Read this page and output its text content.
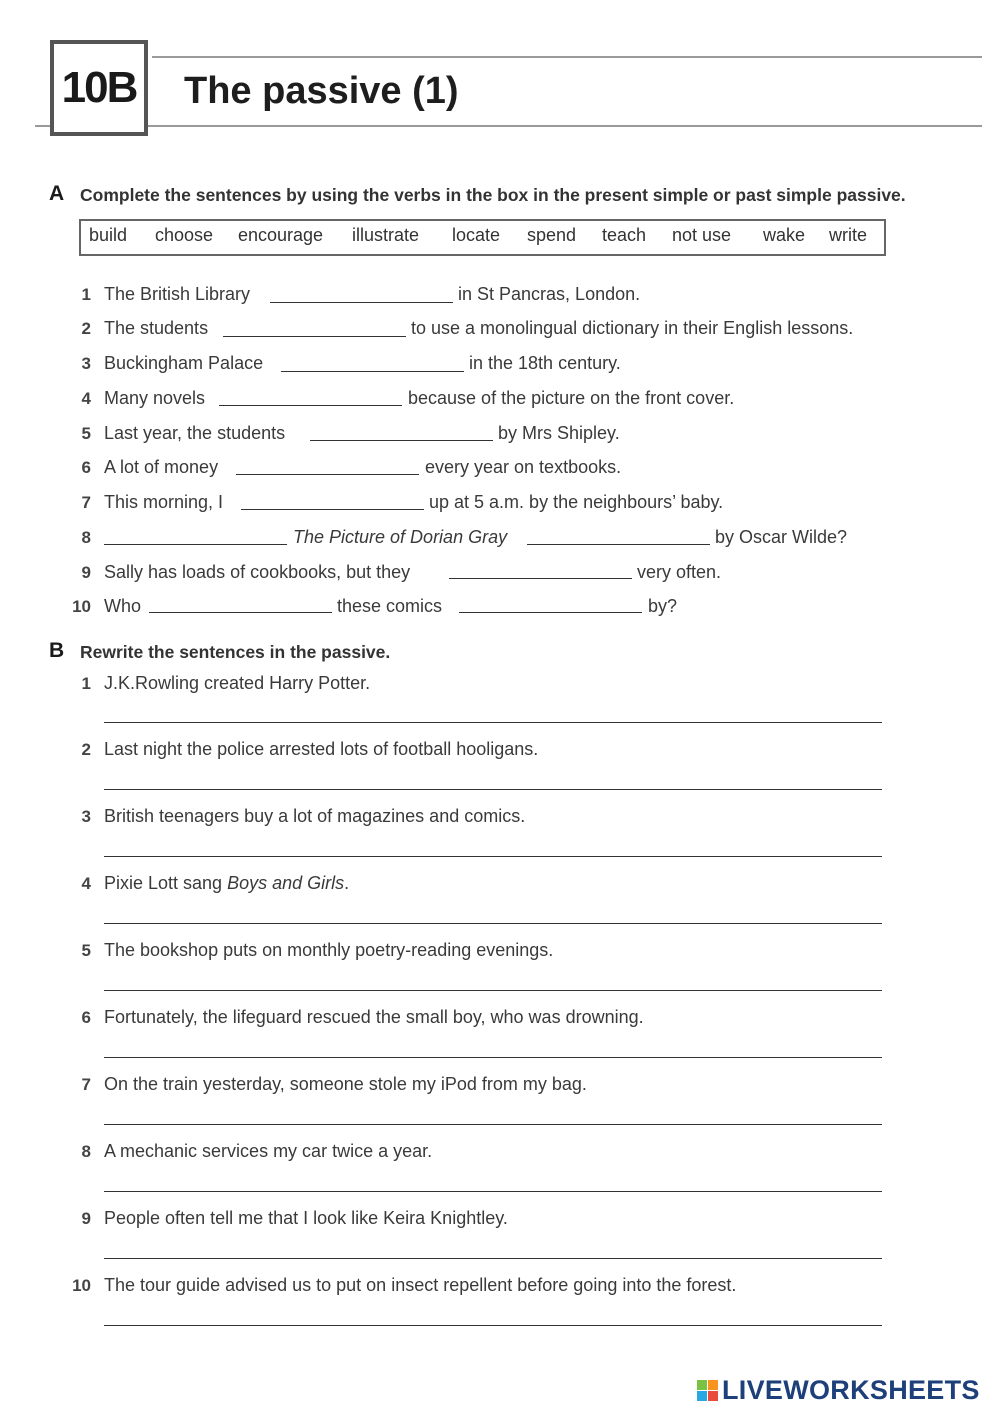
10B The passive (1)
A Complete the sentences by using the verbs in the box in the present simple or past simple passive.
build choose encourage illustrate locate spend teach not use wake write
1 The British Library	in St Pancras, London.
2 The students	to use a monolingual dictionary in their English lessons.
3 Buckingham Palace	in the 18th century.
4 Many novels	because of the picture on the front cover.
5 Last year, the students	by Mrs Shipley.
6 A lot of money	every year on textbooks.
7 This morning, I	up at 5 a.m. by the neighbours’ baby.
8	The Picture of Dorian Gray	by Oscar Wilde?
9 Sally has loads of cookbooks, but they	very often.
10 Who	these comics	by?
B Rewrite the sentences in the passive.
1 J.K.Rowling created Harry Potter.
2 Last night the police arrested lots of football hooligans.
3 British teenagers buy a lot of magazines and comics.
4 Pixie Lott sang Boys and Girls.
5 The bookshop puts on monthly poetry-reading evenings.
6 Fortunately, the lifeguard rescued the small boy, who was drowning.
7 On the train yesterday, someone stole my iPod from my bag.
8 A mechanic services my car twice a year.
9 People often tell me that I look like Keira Knightley.
10 The tour guide advised us to put on insect repellent before going into the forest.
LIVEWORKSHEETS
